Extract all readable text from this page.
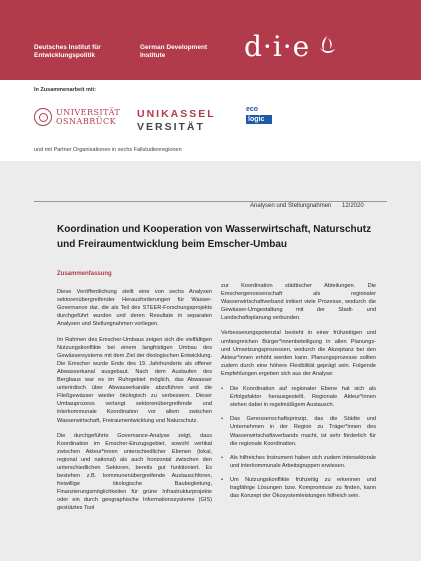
Deutsches Institut für
Entwicklungspolitik
German Development
Institute	d·i·e
In Zusammenarbeit mit:
UNIVERSITÄT
OSNABRÜCK
UNIKASSEL
VERSITÄT
eco
logic
und mit Partner Organisationen in sechs Fallstudienregionen
Analysen und Stellungnahmen 12/2020
Koordination und Kooperation von Wasserwirtschaft, Naturschutz und Freiraumentwicklung beim Emscher-Umbau
Zusammenfassung

Diese Veröffentlichung stellt eine von sechs Analysen sektorenübergreifender Herausforderungen für Wasser-Governance dar, die als Teil des STEER-Forschungsprojekts durchgeführt wurden und deren Resultate in separaten Analysen und Stellungnahmen vorliegen.

Im Rahmen des Emscher-Umbaus zeigen sich die vielfältigen Nutzungskonflikte bei einem langfristigen Umbau des Gewässersystems mit dem Ziel der ökologischen Entwicklung. Die Emscher wurde Ende des 19. Jahrhunderts als offener Abwasserkanal ausgebaut. Nach dem Auslaufen des Bergbaus war es im Ruhrgebiet möglich, das Abwasser unterirdisch über Abwasserkanäle abzuführen und die Fließgewässer wieder ökologisch zu verbessern. Dieser Umbauprozess verlangt sektorenübergreifende und interkommunale Koordination vor allem zwischen Wasserwirtschaft, Freiraumentwicklung und Naturschutz.

Die durchgeführte Governance-Analyse zeigt, dass Koordination im Emscher-Einzugsgebiet, sowohl vertikal zwischen Akteur*innen unterschiedlicher Ebenen (lokal, regional und national) als auch horizontal zwischen den unterschiedlichen Sektoren, bereits gut funktioniert. Es bestehen z.B. kommunenübergreifende Austauschforen, freiwillige ökologische Baubegleitung, Finanzierungsmöglichkeiten für grüne Infrastrukturprojekte oder ein durch geographische Informationssysteme (GIS) gestütztes Tool

zur Koordination städtischer Abteilungen. Die Emschergenossenschaft als regionaler Wasserwirtschaftverband initiiert viele Prozesse, wodurch die Gewässer-Umgestaltung mit der Stadt- und Landschaftsplanung verbunden.

Verbesserungspotenzial besteht in einer frühzeitigen und umfangreichen Bürger*innenbeteiligung in allen Planungs- und Umsetzungsprozessen, wodurch die Akzeptanz bei den Akteur*innen erhöht werden kann. Planungsprozesse sollten zudem durch eine höhere Flexibilität geprägt sein. Folgende Empfehlungen ergeben sich aus der Analyse:

• Die Koordination auf regionaler Ebene hat sich als Erfolgsfaktor herausgestellt. Regionale Akteur*innen stehen dabei in regelmäßigem Austausch.
• Das Genossenschaftsprinzip, das die Städte und Unternehmen in der Region zu Träger*innen des Wasserwirtschaftsverbands macht, ist sehr förderlich für die regionale Koordination.
• Als hilfreiches Instrument haben sich zudem intersektorale und interkommunale Arbeitsgruppen erwiesen.
• Um Nutzungskonflikte frühzeitig zu erkennen und tragfähige Lösungen bzw. Kompromisse zu finden, kann das Konzept der Ökosystemleistungen hilfreich sein.
